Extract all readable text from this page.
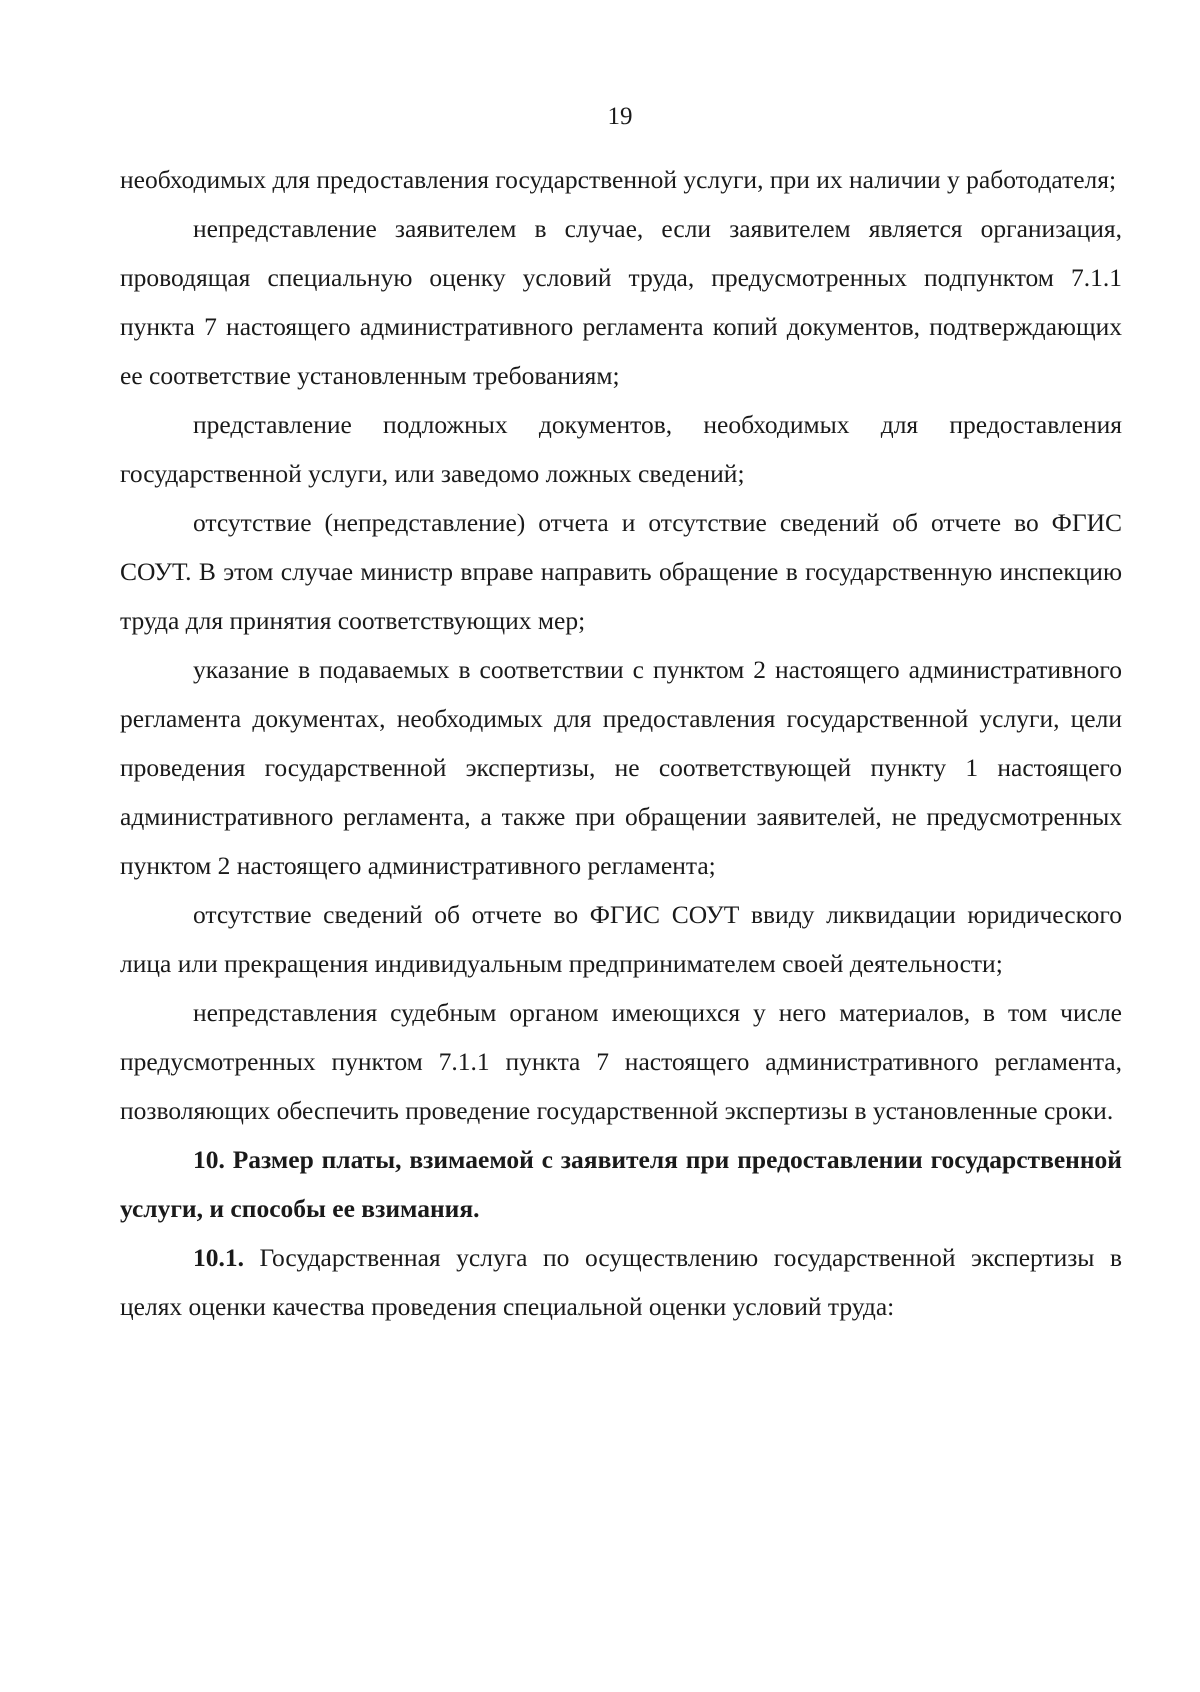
19

необходимых для предоставления государственной услуги, при их наличии у работодателя;

непредставление заявителем в случае, если заявителем является организация, проводящая специальную оценку условий труда, предусмотренных подпунктом 7.1.1 пункта 7 настоящего административного регламента копий документов, подтверждающих ее соответствие установленным требованиям;

представление подложных документов, необходимых для предоставления государственной услуги, или заведомо ложных сведений;

отсутствие (непредставление) отчета и отсутствие сведений об отчете во ФГИС СОУТ. В этом случае министр вправе направить обращение в государственную инспекцию труда для принятия соответствующих мер;

указание в подаваемых в соответствии с пунктом 2 настоящего административного регламента документах, необходимых для предоставления государственной услуги, цели проведения государственной экспертизы, не соответствующей пункту 1 настоящего административного регламента, а также при обращении заявителей, не предусмотренных пунктом 2 настоящего административного регламента;

отсутствие сведений об отчете во ФГИС СОУТ ввиду ликвидации юридического лица или прекращения индивидуальным предпринимателем своей деятельности;

непредставления судебным органом имеющихся у него материалов, в том числе предусмотренных пунктом 7.1.1 пункта 7 настоящего административного регламента, позволяющих обеспечить проведение государственной экспертизы в установленные сроки.

10. Размер платы, взимаемой с заявителя при предоставлении государственной услуги, и способы ее взимания.

10.1. Государственная услуга по осуществлению государственной экспертизы в целях оценки качества проведения специальной оценки условий труда:
